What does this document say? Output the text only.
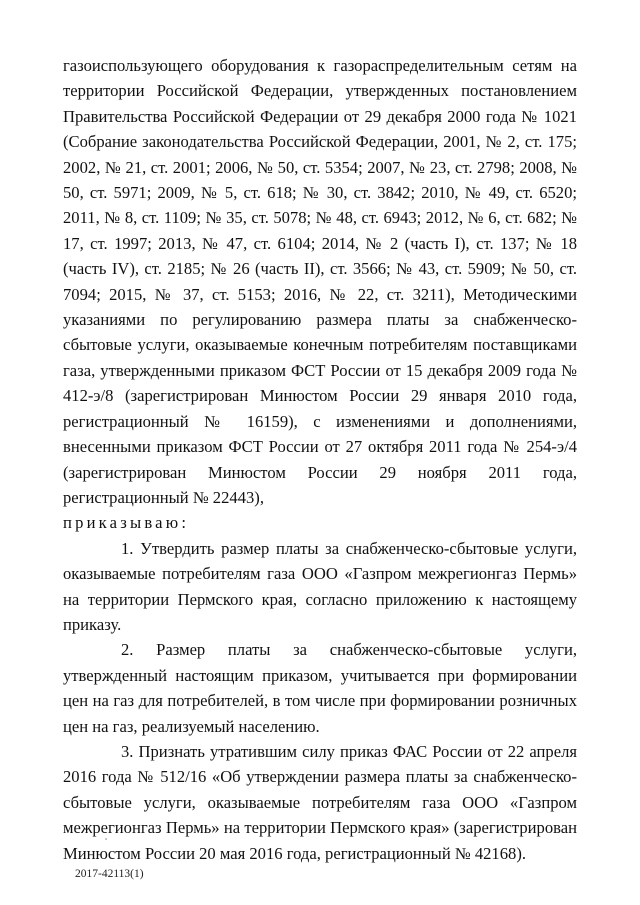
газоиспользующего оборудования к газораспределительным сетям на территории Российской Федерации, утвержденных постановлением Правительства Российской Федерации от 29 декабря 2000 года № 1021 (Собрание законодательства Российской Федерации, 2001, № 2, ст. 175; 2002, № 21, ст. 2001; 2006, № 50, ст. 5354; 2007, № 23, ст. 2798; 2008, № 50, ст. 5971; 2009, № 5, ст. 618; № 30, ст. 3842; 2010, № 49, ст. 6520; 2011, № 8, ст. 1109; № 35, ст. 5078; № 48, ст. 6943; 2012, № 6, ст. 682; № 17, ст. 1997; 2013, № 47, ст. 6104; 2014, № 2 (часть I), ст. 137; № 18 (часть IV), ст. 2185; № 26 (часть II), ст. 3566; № 43, ст. 5909; № 50, ст. 7094; 2015, № 37, ст. 5153; 2016, № 22, ст. 3211), Методическими указаниями по регулированию размера платы за снабженческо-сбытовые услуги, оказываемые конечным потребителям поставщиками газа, утвержденными приказом ФСТ России от 15 декабря 2009 года № 412-э/8 (зарегистрирован Минюстом России 29 января 2010 года, регистрационный № 16159), с изменениями и дополнениями, внесенными приказом ФСТ России от 27 октября 2011 года № 254-э/4 (зарегистрирован Минюстом России 29 ноября 2011 года, регистрационный № 22443),

приказываю:

1. Утвердить размер платы за снабженческо-сбытовые услуги, оказываемые потребителям газа ООО «Газпром межрегионгаз Пермь» на территории Пермского края, согласно приложению к настоящему приказу.

2. Размер платы за снабженческо-сбытовые услуги, утвержденный настоящим приказом, учитывается при формировании цен на газ для потребителей, в том числе при формировании розничных цен на газ, реализуемый населению.

3. Признать утратившим силу приказ ФАС России от 22 апреля 2016 года № 512/16 «Об утверждении размера платы за снабженческо-сбытовые услуги, оказываемые потребителям газа ООО «Газпром межрегионгаз Пермь» на территории Пермского края» (зарегистрирован Минюстом России 20 мая 2016 года, регистрационный № 42168).

2017-42113(1)
